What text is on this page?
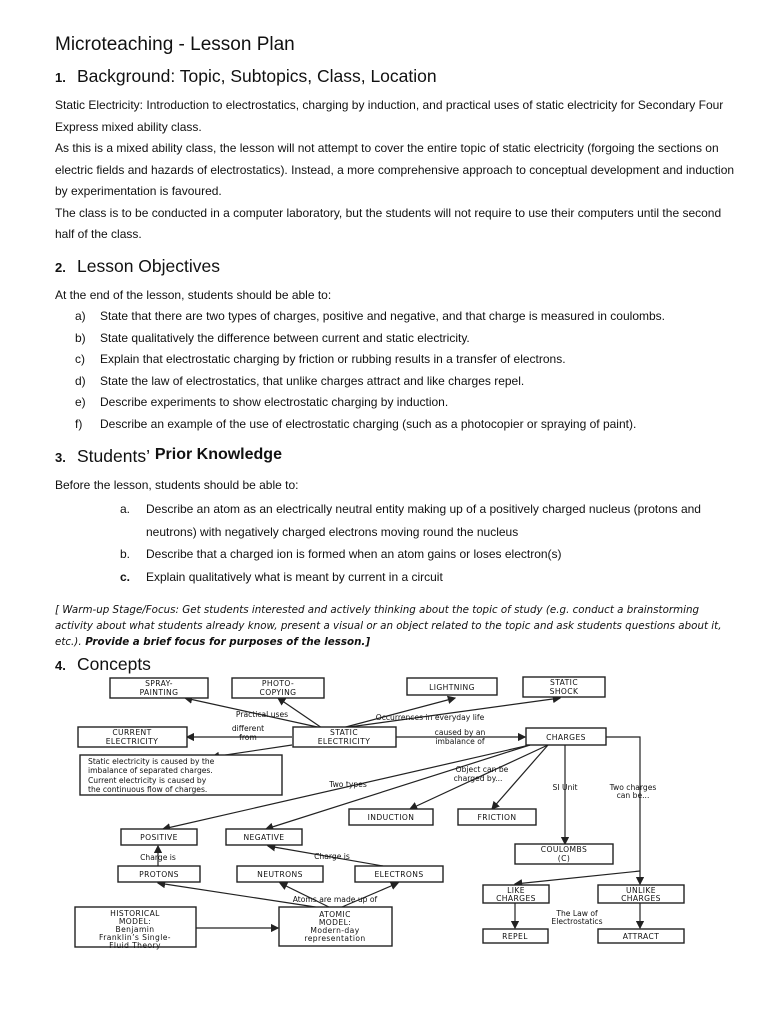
Microteaching - Lesson Plan
1. Background: Topic, Subtopics, Class, Location

Static Electricity: Introduction to electrostatics, charging by induction, and practical uses of static electricity for Secondary Four Express mixed ability class.

As this is a mixed ability class, the lesson will not attempt to cover the entire topic of static electricity (forgoing the sections on electric fields and hazards of electrostatics). Instead, a more comprehensive approach to conceptual development and induction by experimentation is favoured.

The class is to be conducted in a computer laboratory, but the students will not require to use their computers until the second half of the class.

2. Lesson Objectives

At the end of the lesson, students should be able to:

a)	State that there are two types of charges, positive and negative, and that charge is measured in coulombs.
b)	State qualitatively the difference between current and static electricity.
c)	Explain that electrostatic charging by friction or rubbing results in a transfer of electrons.
d)	State the law of electrostatics, that unlike charges attract and like charges repel.
e)	Describe experiments to show electrostatic charging by induction.
f)	Describe an example of the use of electrostatic charging (such as a photocopier or spraying of paint).
3. Students’
Prior Knowledge

Before the lesson, students should be able to:

a.	Describe an atom as an electrically neutral entity making up of a positively charged nucleus (protons and neutrons) with negatively charged electrons moving round the nucleus
b.	Describe that a charged ion is formed when an atom gains or loses electron(s)
c.	Explain qualitatively what is meant by current in a circuit
[ Warm-up Stage/Focus: Get students interested and actively thinking about the topic of study (e.g. conduct a brainstorming activity about what students already know, present a visual or an object related to the topic and ask students questions about it, etc.). Provide a brief focus for purposes of the lesson.]
4. Concepts
Practical uses	Occurrences in everyday life
different
from
caused by an
imbalance of
Two types
Object can be
charged by...
SI Unit	Two charges
can be...
Charge is	Charge is
Atoms are made up of
The Law of
Electrostatics
SPRAY-
PAINTING
PHOTO-
COPYING
LIGHTNING
STATIC
SHOCK
CURRENT
ELECTRICITY
STATIC
ELECTRICITY	CHARGES
Static electricity is caused by the
imbalance of separated charges.
Current electricity is caused by
the continuous flow of charges.
INDUCTION	FRICTION
POSITIVE	NEGATIVE
COULOMBS
(C)
PROTONS	NEUTRONS	ELECTRONS
LIKE
CHARGES
UNLIKE
CHARGES
HISTORICAL
MODEL:
Benjamin
Franklin’s Single-
Fluid Theory
ATOMIC
MODEL:
Modern-day
representation	REPEL	ATTRACT
